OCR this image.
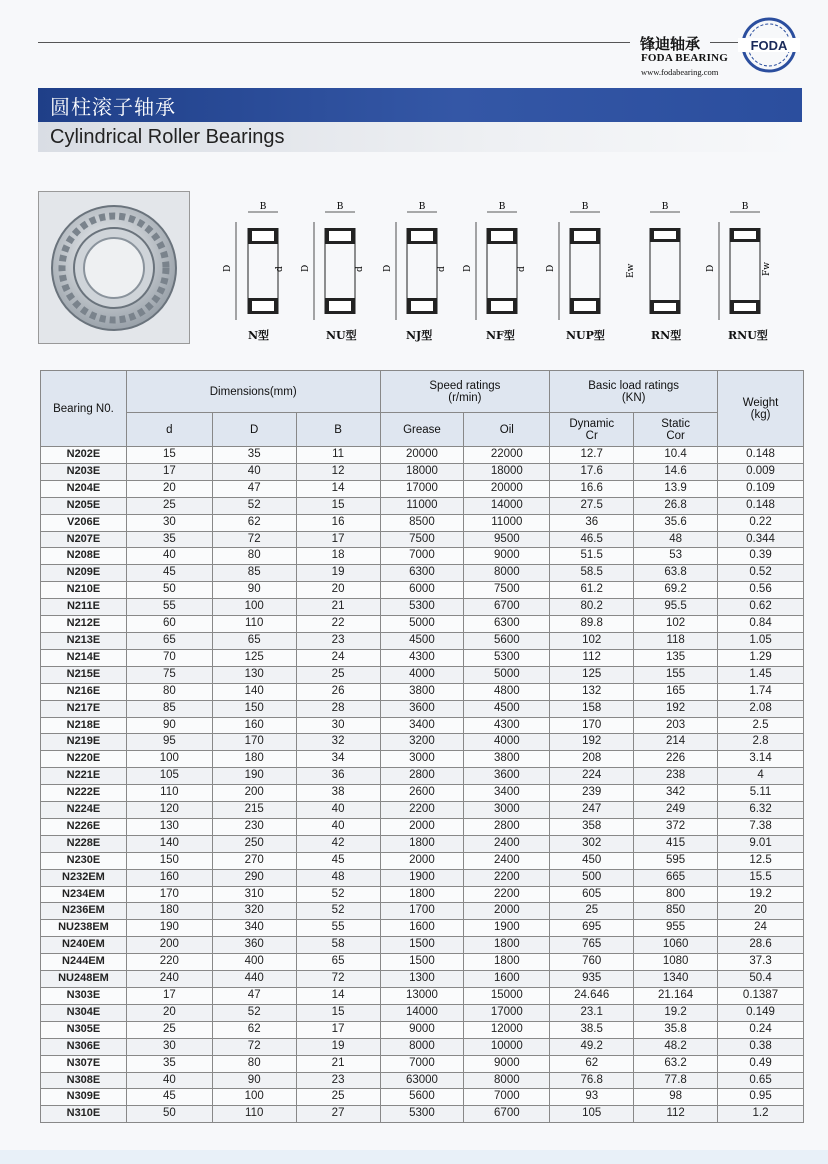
锋迪轴承
FODA BEARING
www.fodabearing.com
FODA
圆柱滚子轴承
Cylindrical Roller Bearings
B
D	d
N型
B
D	d
NU型
B
D	d
NJ型
B
D	d
NF型
B
D
NUP型
B
Ew
RN型
B
D	Fw
RNU型
Bearing N0.	Dimensions(mm)			Speed ratings
(r/min)		Basic load ratings
(KN)		Weight
(kg)
	d	D	B	Grease	Oil	Dynamic
Cr	Static
Cor	
N202E	15	35	11	20000	22000	12.7	10.4	0.148
N203E	17	40	12	18000	18000	17.6	14.6	0.009
N204E	20	47	14	17000	20000	16.6	13.9	0.109
N205E	25	52	15	11000	14000	27.5	26.8	0.148
V206E	30	62	16	8500	11000	36	35.6	0.22
N207E	35	72	17	7500	9500	46.5	48	0.344
N208E	40	80	18	7000	9000	51.5	53	0.39
N209E	45	85	19	6300	8000	58.5	63.8	0.52
N210E	50	90	20	6000	7500	61.2	69.2	0.56
N211E	55	100	21	5300	6700	80.2	95.5	0.62
N212E	60	110	22	5000	6300	89.8	102	0.84
N213E	65	65	23	4500	5600	102	118	1.05
N214E	70	125	24	4300	5300	112	135	1.29
N215E	75	130	25	4000	5000	125	155	1.45
N216E	80	140	26	3800	4800	132	165	1.74
N217E	85	150	28	3600	4500	158	192	2.08
N218E	90	160	30	3400	4300	170	203	2.5
N219E	95	170	32	3200	4000	192	214	2.8
N220E	100	180	34	3000	3800	208	226	3.14
N221E	105	190	36	2800	3600	224	238	4
N222E	110	200	38	2600	3400	239	342	5.11
N224E	120	215	40	2200	3000	247	249	6.32
N226E	130	230	40	2000	2800	358	372	7.38
N228E	140	250	42	1800	2400	302	415	9.01
N230E	150	270	45	2000	2400	450	595	12.5
N232EM	160	290	48	1900	2200	500	665	15.5
N234EM	170	310	52	1800	2200	605	800	19.2
N236EM	180	320	52	1700	2000	25	850	20
NU238EM	190	340	55	1600	1900	695	955	24
N240EM	200	360	58	1500	1800	765	1060	28.6
N244EM	220	400	65	1500	1800	760	1080	37.3
NU248EM	240	440	72	1300	1600	935	1340	50.4
N303E	17	47	14	13000	15000	24.646	21.164	0.1387
N304E	20	52	15	14000	17000	23.1	19.2	0.149
N305E	25	62	17	9000	12000	38.5	35.8	0.24
N306E	30	72	19	8000	10000	49.2	48.2	0.38
N307E	35	80	21	7000	9000	62	63.2	0.49
N308E	40	90	23	63000	8000	76.8	77.8	0.65
N309E	45	100	25	5600	7000	93	98	0.95
N310E	50	110	27	5300	6700	105	112	1.2
